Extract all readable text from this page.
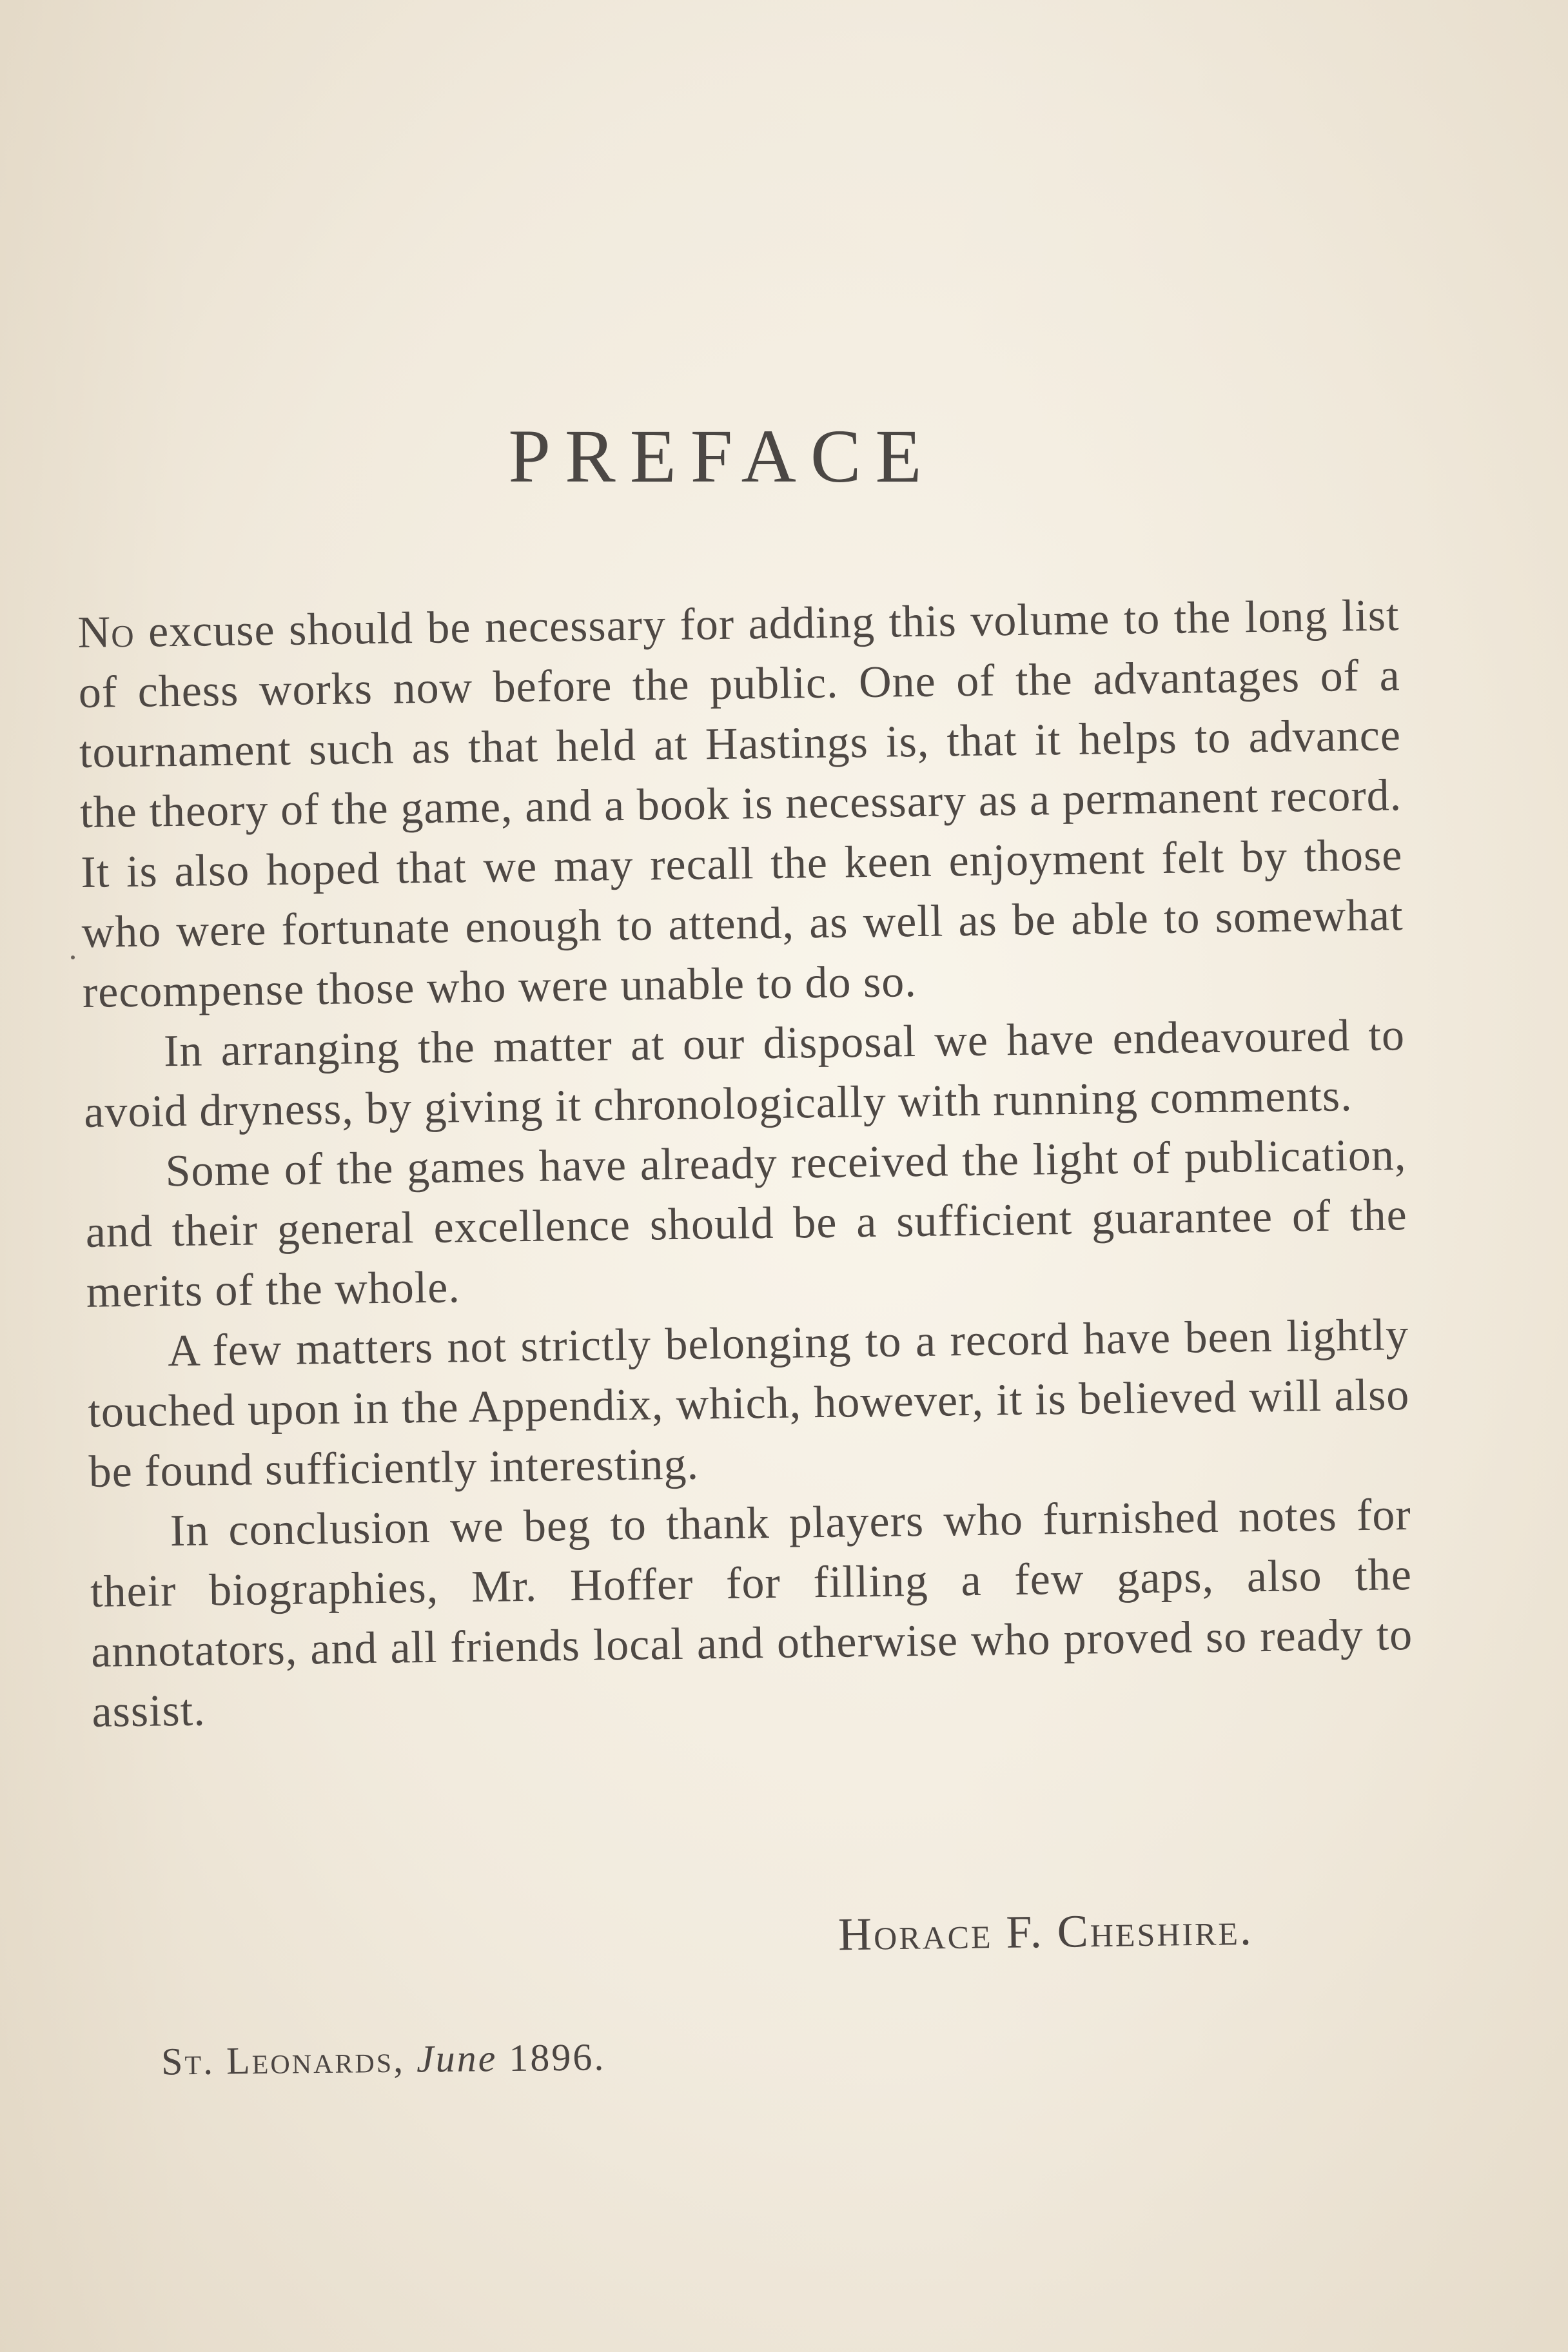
PREFACE

No excuse should be necessary for adding this volume to the long list of chess works now before the public. One of the advantages of a tournament such as that held at Hastings is, that it helps to advance the theory of the game, and a book is necessary as a permanent record. It is also hoped that we may recall the keen enjoyment felt by those who were fortunate enough to attend, as well as be able to somewhat recompense those who were unable to do so.

In arranging the matter at our disposal we have endeavoured to avoid dryness, by giving it chronologically with running comments.

Some of the games have already received the light of publication, and their general excellence should be a sufficient guarantee of the merits of the whole.

A few matters not strictly belonging to a record have been lightly touched upon in the Appendix, which, however, it is believed will also be found sufficiently interesting.

In conclusion we beg to thank players who furnished notes for their biographies, Mr. Hoffer for filling a few gaps, also the annotators, and all friends local and otherwise who proved so ready to assist.

Horace F. Cheshire.
St. Leonards, June 1896.
